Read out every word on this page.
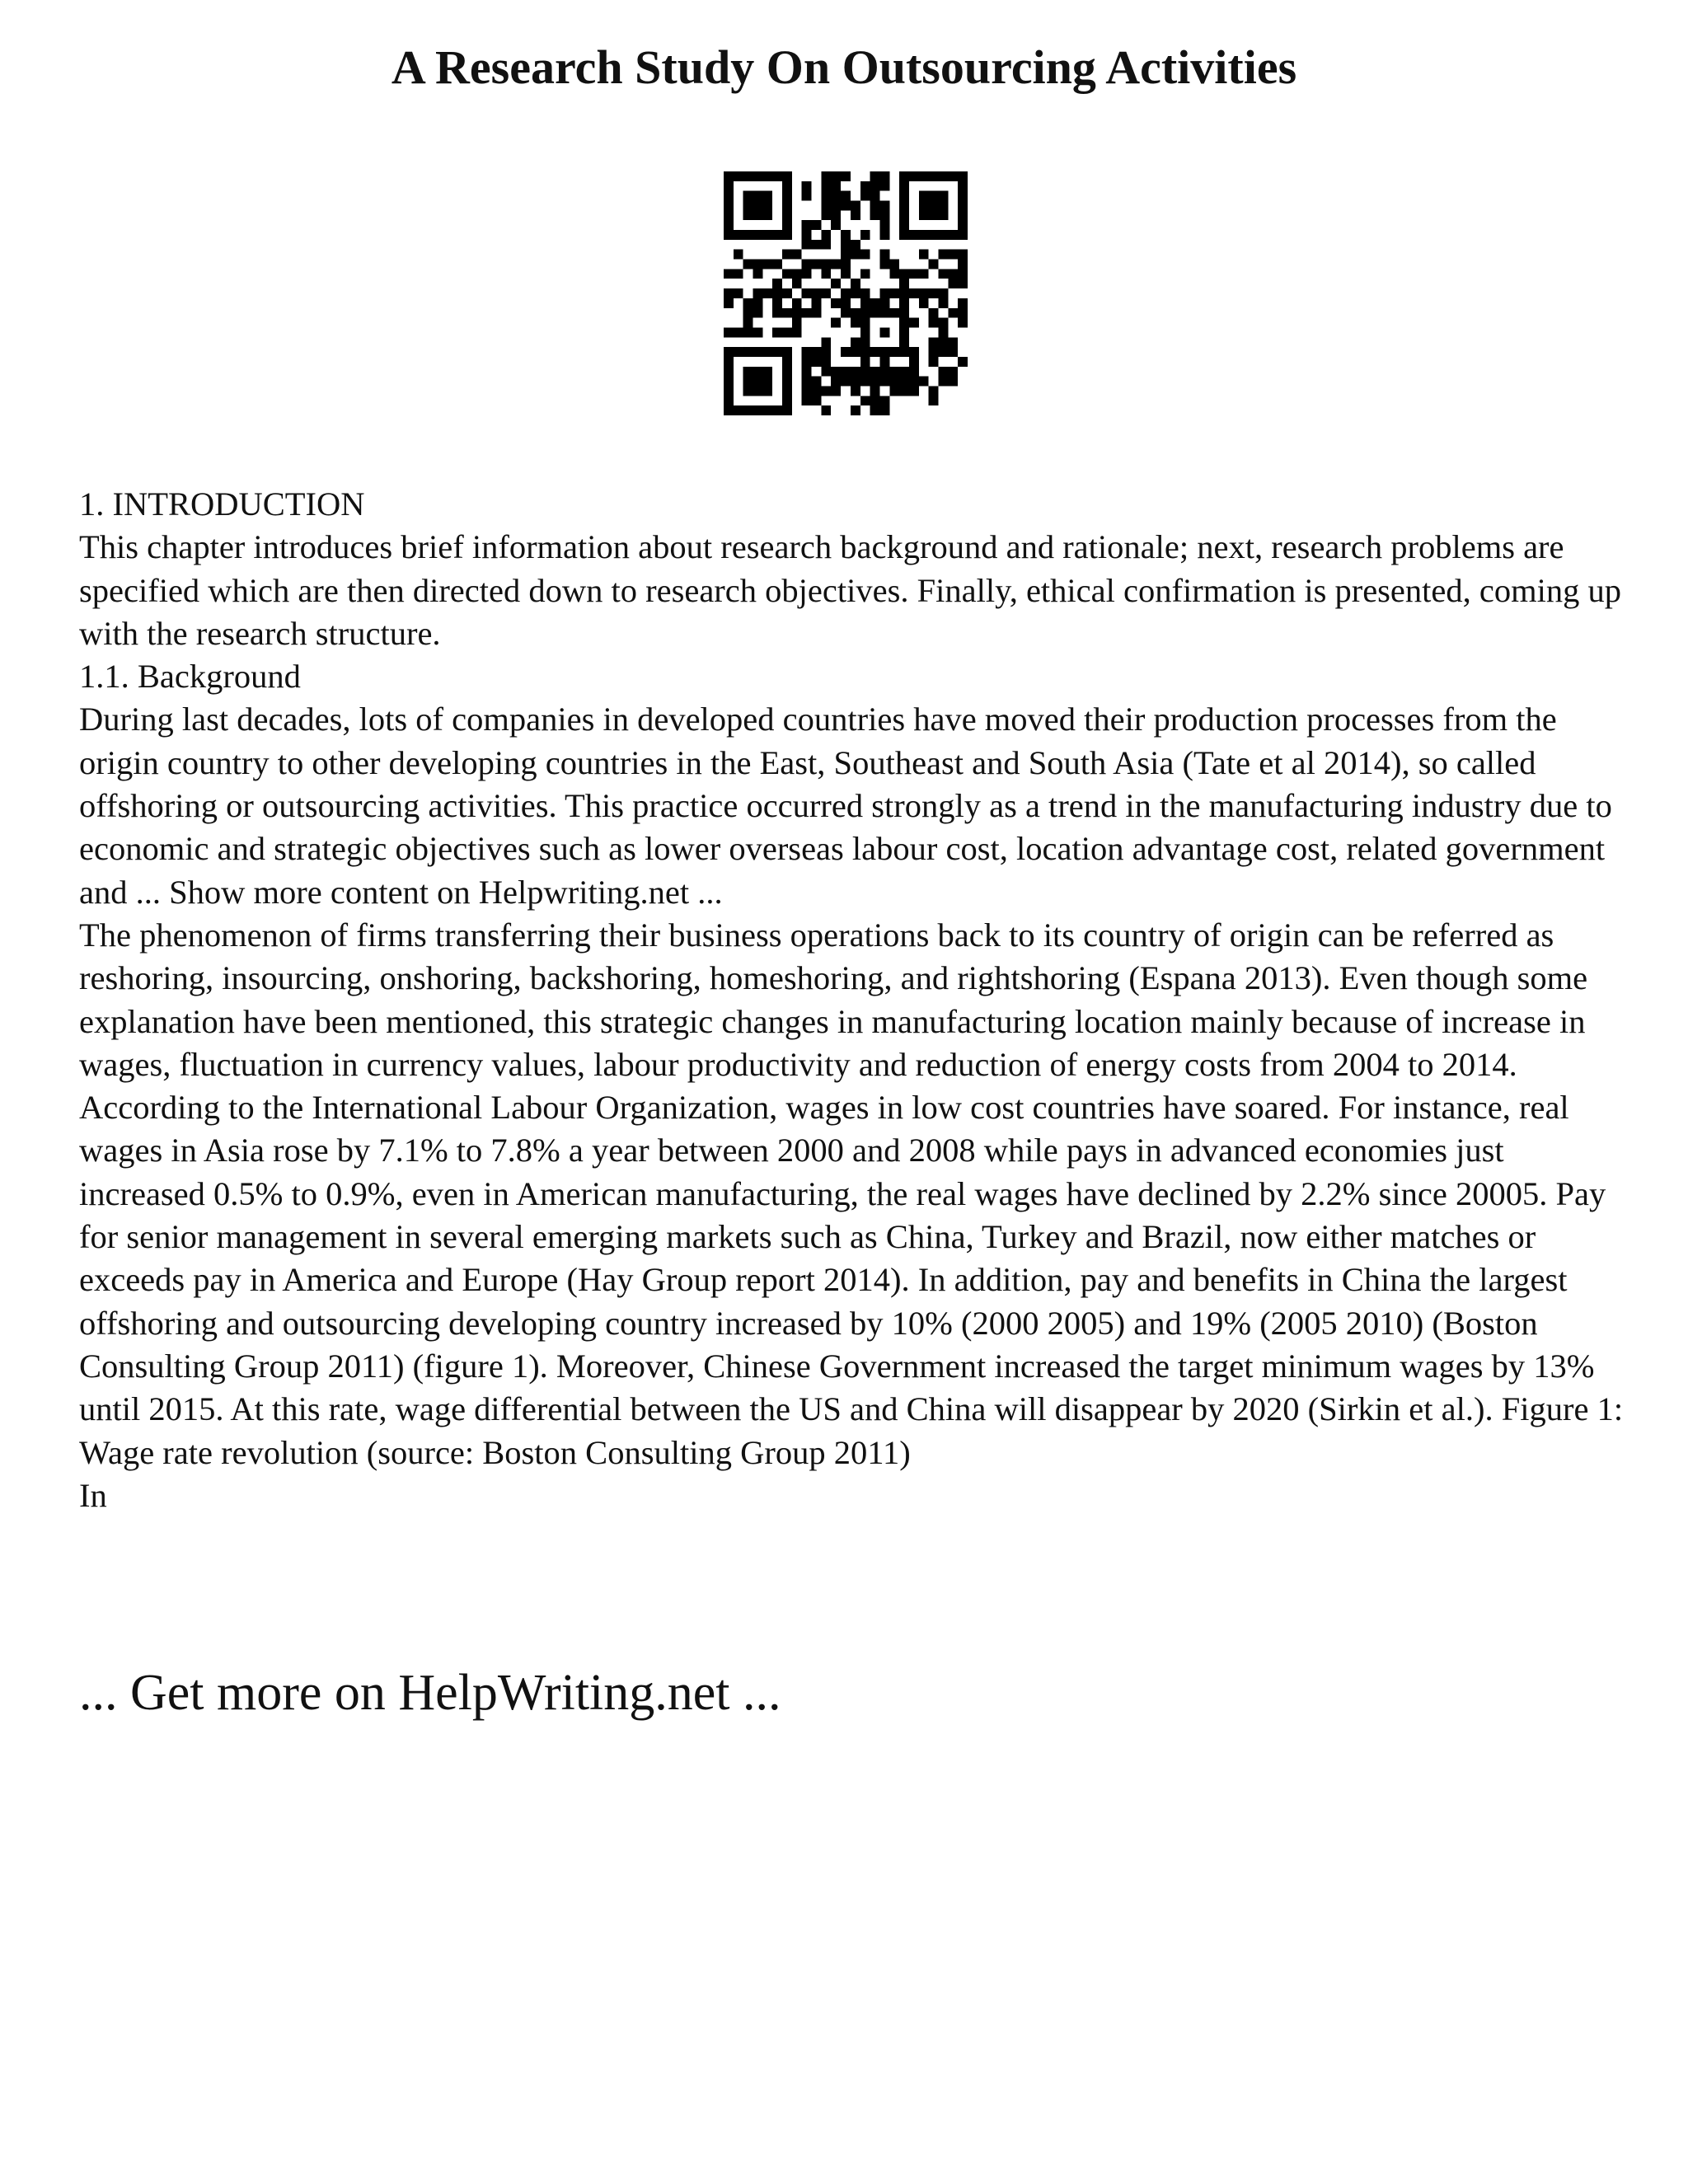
A Research Study On Outsourcing Activities

1. INTRODUCTION

This chapter introduces brief information about research background and rationale; next, research problems are specified which are then directed down to research objectives. Finally, ethical confirmation is presented, coming up with the research structure.

1.1. Background

During last decades, lots of companies in developed countries have moved their production processes from the origin country to other developing countries in the East, Southeast and South Asia (Tate et al 2014), so called offshoring or outsourcing activities. This practice occurred strongly as a trend in the manufacturing industry due to economic and strategic objectives such as lower overseas labour cost, location advantage cost, related government and ... Show more content on Helpwriting.net ...

The phenomenon of firms transferring their business operations back to its country of origin can be referred as reshoring, insourcing, onshoring, backshoring, homeshoring, and rightshoring (Espana 2013). Even though some explanation have been mentioned, this strategic changes in manufacturing location mainly because of increase in wages, fluctuation in currency values, labour productivity and reduction of energy costs from 2004 to 2014. According to the International Labour Organization, wages in low cost countries have soared. For instance, real wages in Asia rose by 7.1% to 7.8% a year between 2000 and 2008 while pays in advanced economies just increased 0.5% to 0.9%, even in American manufacturing, the real wages have declined by 2.2% since 20005. Pay for senior management in several emerging markets such as China, Turkey and Brazil, now either matches or exceeds pay in America and Europe (Hay Group report 2014). In addition, pay and benefits in China the largest offshoring and outsourcing developing country increased by 10% (2000 2005) and 19% (2005 2010) (Boston Consulting Group 2011) (figure 1). Moreover, Chinese Government increased the target minimum wages by 13% until 2015. At this rate, wage differential between the US and China will disappear by 2020 (Sirkin et al.). Figure 1: Wage rate revolution (source: Boston Consulting Group 2011)

In

... Get more on HelpWriting.net ...
